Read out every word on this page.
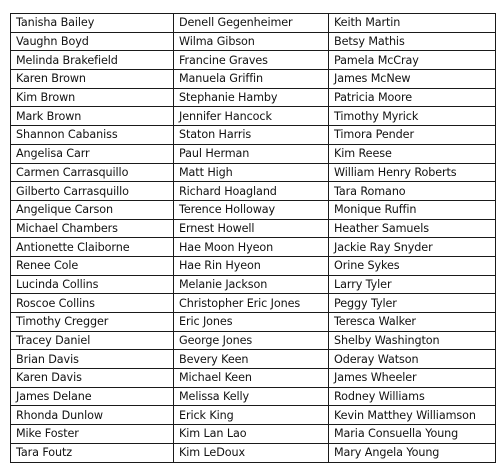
Tanisha Bailey	Denell Gegenheimer	Keith Martin
Vaughn Boyd	Wilma Gibson	Betsy Mathis
Melinda Brakefield	Francine Graves	Pamela McCray
Karen Brown	Manuela Griffin	James McNew
Kim Brown	Stephanie Hamby	Patricia Moore
Mark Brown	Jennifer Hancock	Timothy Myrick
Shannon Cabaniss	Staton Harris	Timora Pender
Angelisa Carr	Paul Herman	Kim Reese
Carmen Carrasquillo	Matt High	William Henry Roberts
Gilberto Carrasquillo	Richard Hoagland	Tara Romano
Angelique Carson	Terence Holloway	Monique Ruffin
Michael Chambers	Ernest Howell	Heather Samuels
Antionette Claiborne	Hae Moon Hyeon	Jackie Ray Snyder
Renee Cole	Hae Rin Hyeon	Orine Sykes
Lucinda Collins	Melanie Jackson	Larry Tyler
Roscoe Collins	Christopher Eric Jones	Peggy Tyler
Timothy Cregger	Eric Jones	Teresca Walker
Tracey Daniel	George Jones	Shelby Washington
Brian Davis	Bevery Keen	Oderay Watson
Karen Davis	Michael Keen	James Wheeler
James Delane	Melissa Kelly	Rodney Williams
Rhonda Dunlow	Erick King	Kevin Matthey Williamson
Mike Foster	Kim Lan Lao	Maria Consuella Young
Tara Foutz	Kim LeDoux	Mary Angela Young
